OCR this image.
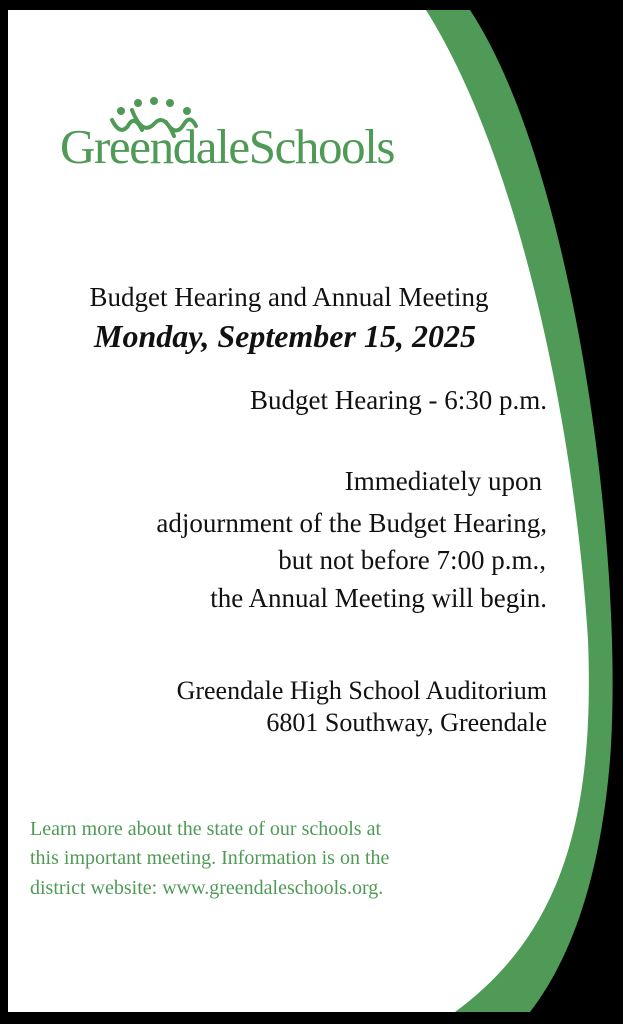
GreendaleSchools
Budget Hearing and Annual Meeting
Monday, September 15, 2025
Budget Hearing - 6:30 p.m.
Immediately upon
adjournment of the Budget Hearing,
but not before 7:00 p.m.,
the Annual Meeting will begin.
Greendale High School Auditorium
6801 Southway, Greendale
Learn more about the state of our schools at
this important meeting. Information is on the
district website: www.greendaleschools.org.
